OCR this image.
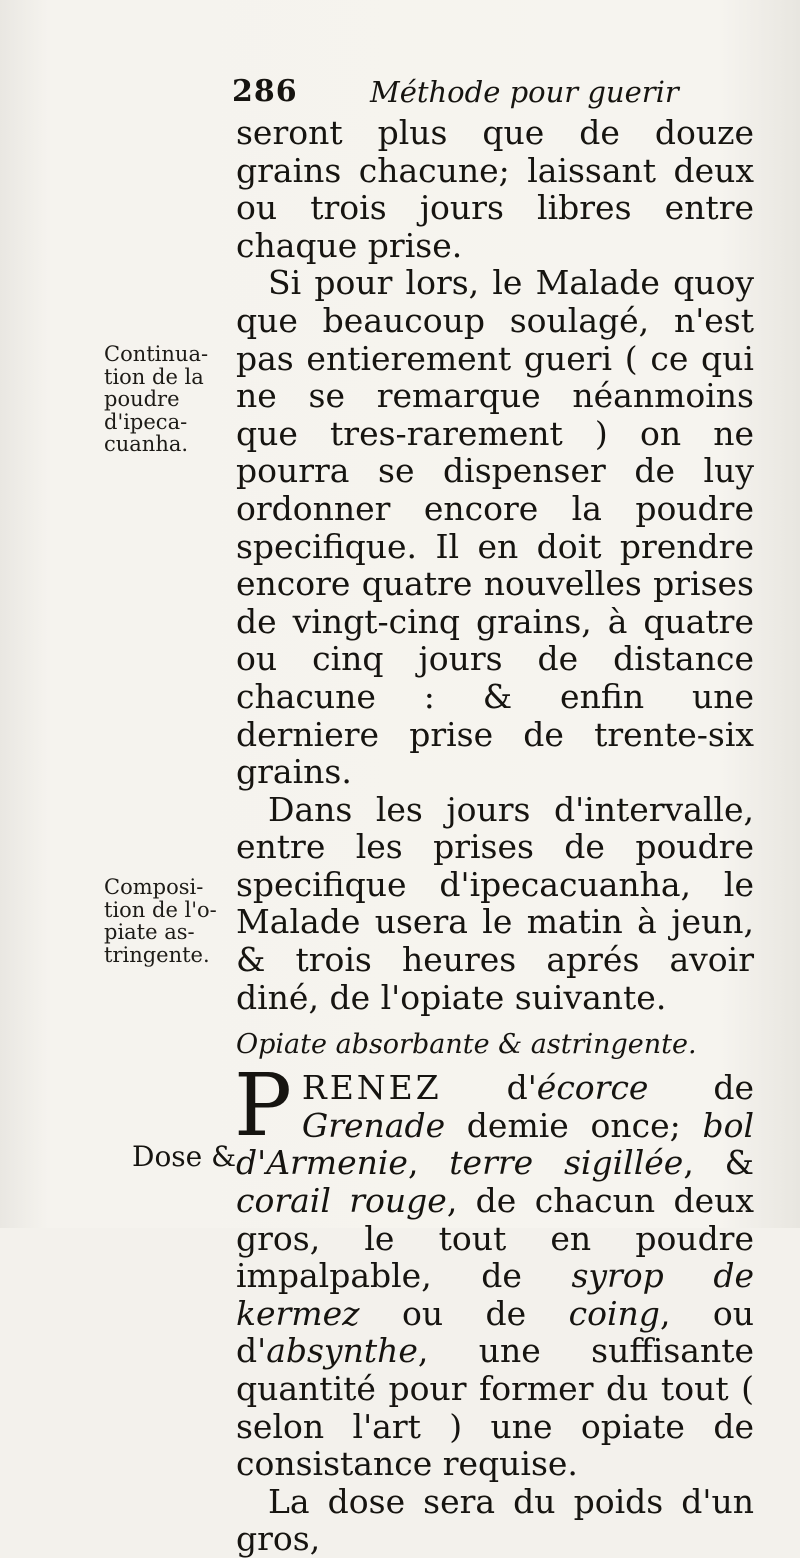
286 Méthode pour guerir

seront plus que de douze grains chacune; laissant deux ou trois jours libres entre chaque prise.

Si pour lors, le Malade quoy que beaucoup soulagé, n'est pas entierement gueri ( ce qui ne se remarque néanmoins que tres-rarement ) on ne pourra se dispenser de luy ordonner encore la poudre specifique. Il en doit prendre encore quatre nouvelles prises de vingt-cinq grains, à quatre ou cinq jours de distance chacune : & enfin une derniere prise de trente-six grains.

Dans les jours d'intervalle, entre les prises de poudre specifique d'ipecacuanha, le Malade usera le matin à jeun, & trois heures aprés avoir diné, de l'opiate suivante.

Opiate absorbante & astringente.

PRENEZ d'écorce de Grenade demie once; bol d'Armenie, terre sigillée, & corail rouge, de chacun deux gros, le tout en poudre impalpable, de syrop de kermez ou de coing, ou d'absynthe, une suffisante quantité pour former du tout ( selon l'art ) une opiate de consistance requise.

La dose sera du poids d'un gros,

Continua-
tion de la
poudre
d'ipeca-
cuanha.
Composi-
tion de l'o-
piate as-
tringente.
Dose &
